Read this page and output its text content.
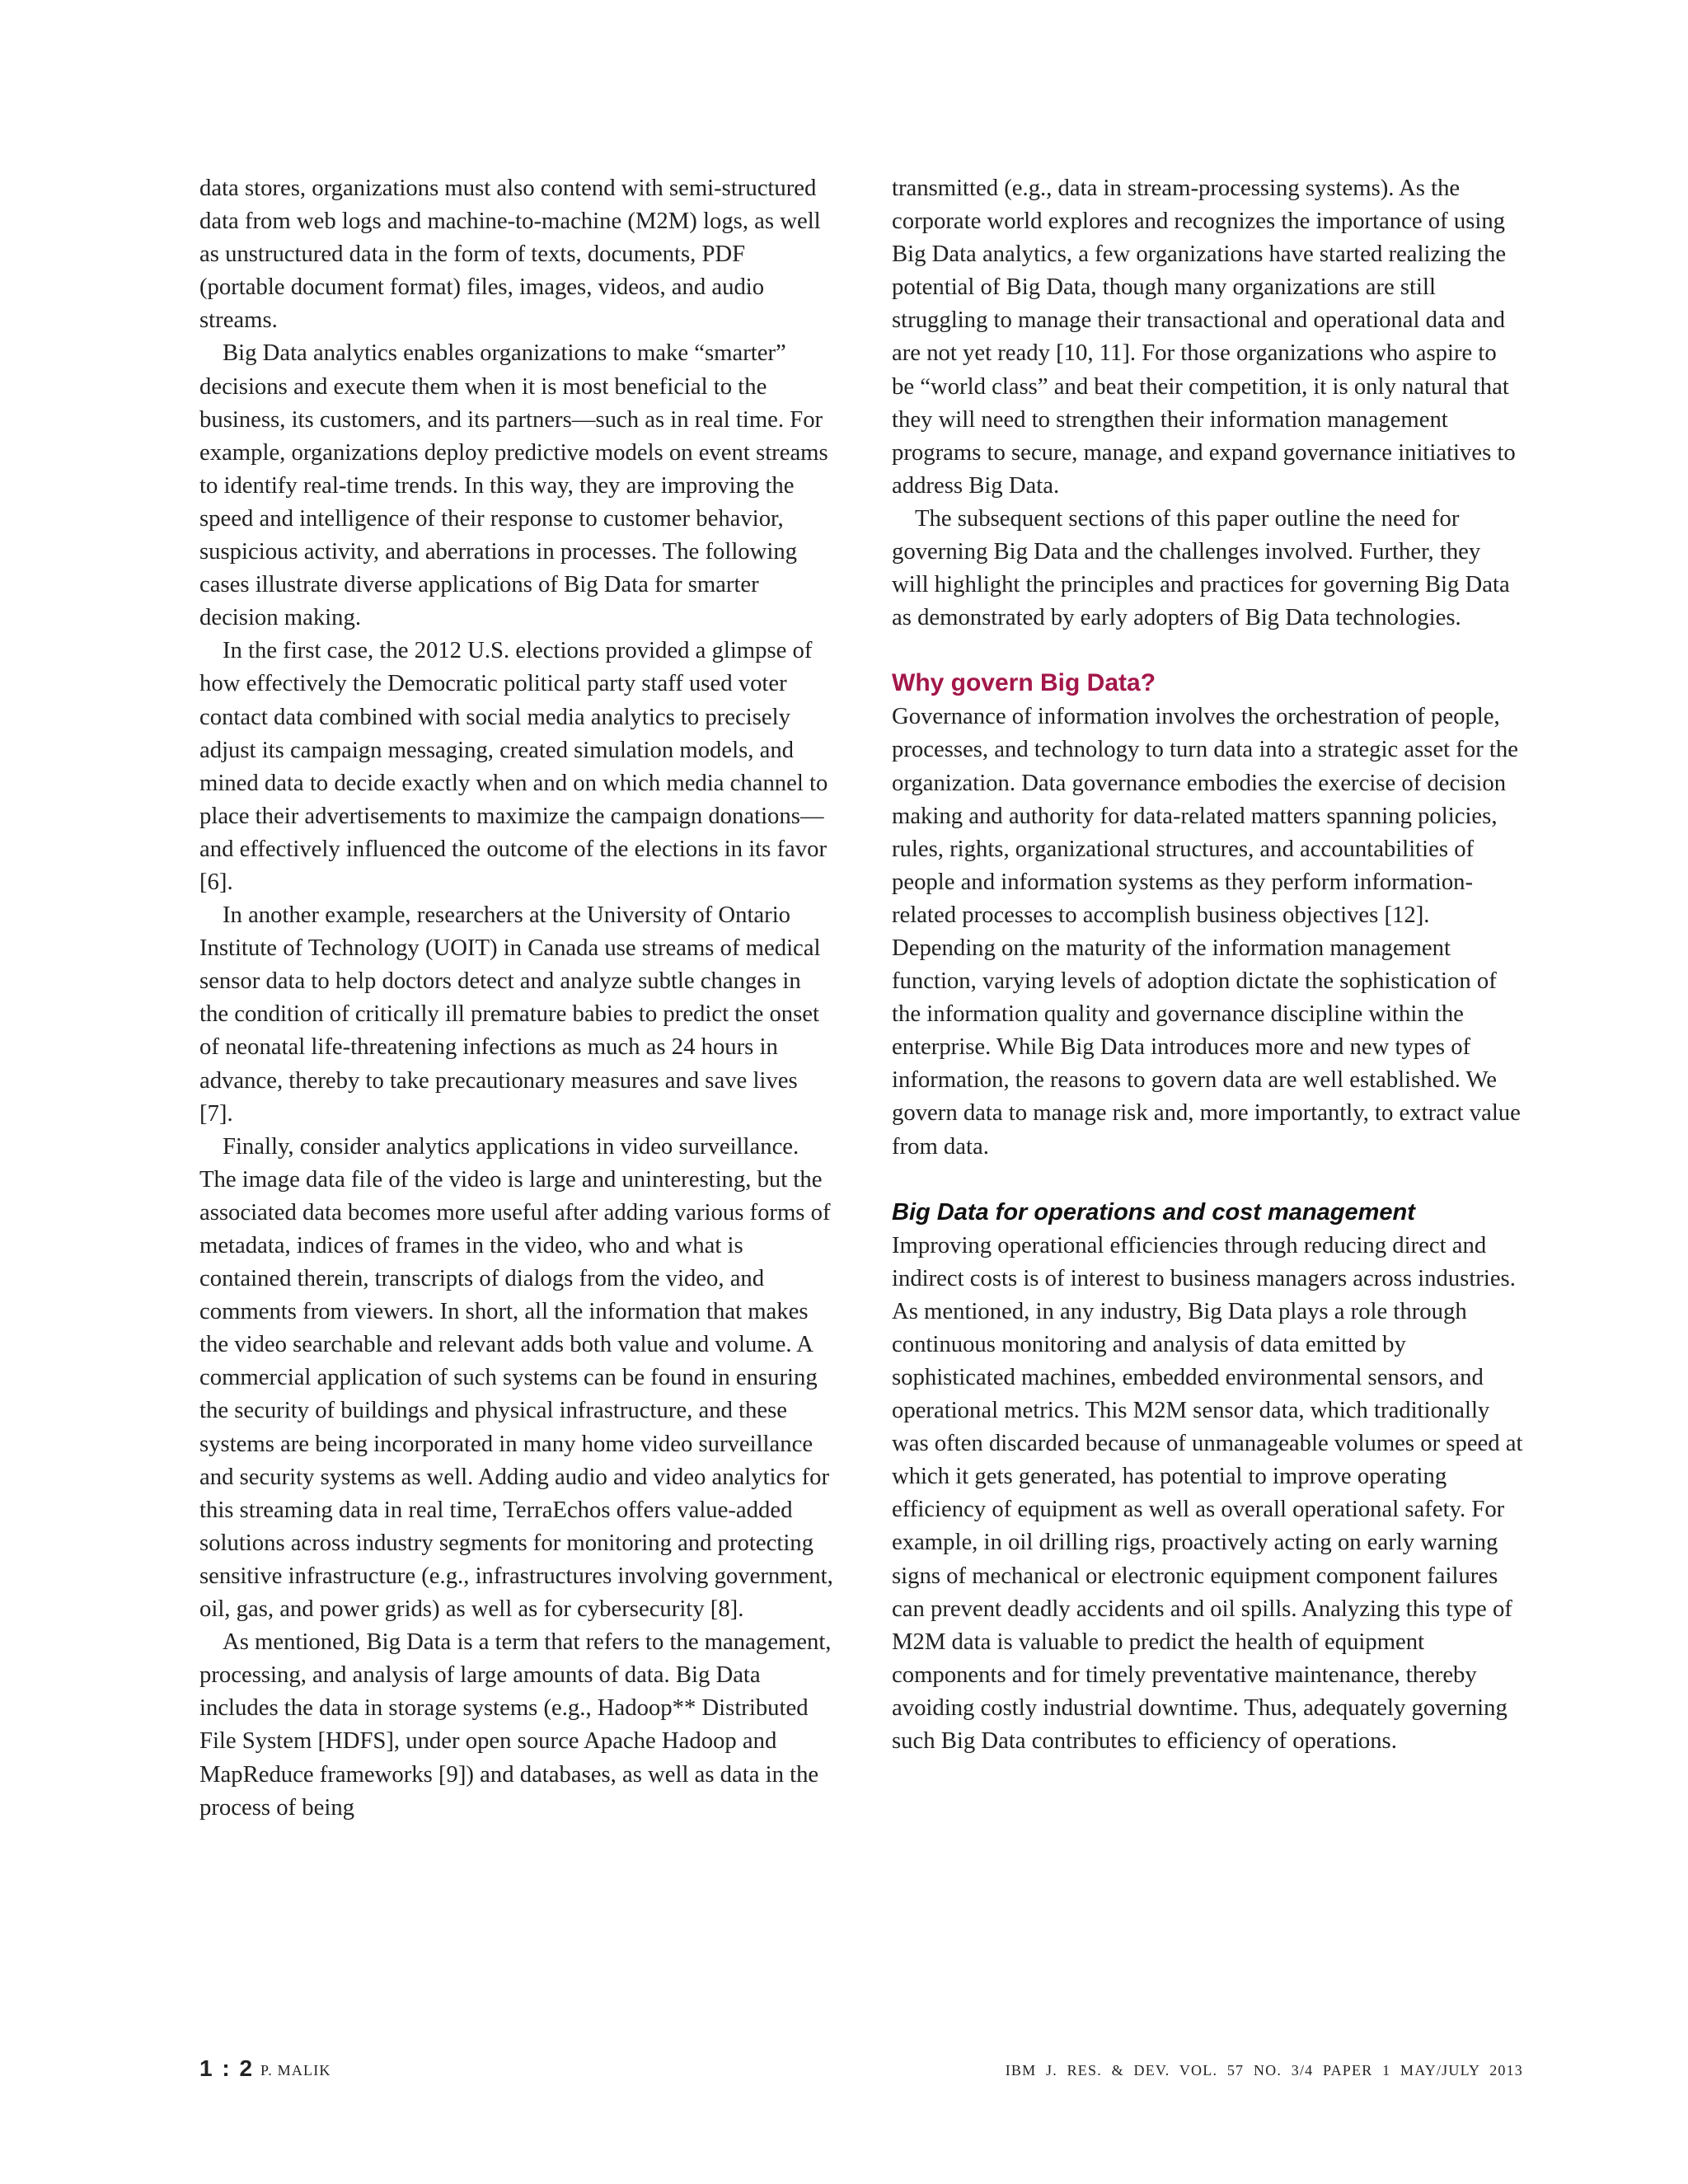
data stores, organizations must also contend with semi-structured data from web logs and machine-to-machine (M2M) logs, as well as unstructured data in the form of texts, documents, PDF (portable document format) files, images, videos, and audio streams.

Big Data analytics enables organizations to make “smarter” decisions and execute them when it is most beneficial to the business, its customers, and its partners—such as in real time. For example, organizations deploy predictive models on event streams to identify real-time trends. In this way, they are improving the speed and intelligence of their response to customer behavior, suspicious activity, and aberrations in processes. The following cases illustrate diverse applications of Big Data for smarter decision making.

In the first case, the 2012 U.S. elections provided a glimpse of how effectively the Democratic political party staff used voter contact data combined with social media analytics to precisely adjust its campaign messaging, created simulation models, and mined data to decide exactly when and on which media channel to place their advertisements to maximize the campaign donations—and effectively influenced the outcome of the elections in its favor [6].

In another example, researchers at the University of Ontario Institute of Technology (UOIT) in Canada use streams of medical sensor data to help doctors detect and analyze subtle changes in the condition of critically ill premature babies to predict the onset of neonatal life-threatening infections as much as 24 hours in advance, thereby to take precautionary measures and save lives [7].

Finally, consider analytics applications in video surveillance. The image data file of the video is large and uninteresting, but the associated data becomes more useful after adding various forms of metadata, indices of frames in the video, who and what is contained therein, transcripts of dialogs from the video, and comments from viewers. In short, all the information that makes the video searchable and relevant adds both value and volume. A commercial application of such systems can be found in ensuring the security of buildings and physical infrastructure, and these systems are being incorporated in many home video surveillance and security systems as well. Adding audio and video analytics for this streaming data in real time, TerraEchos offers value-added solutions across industry segments for monitoring and protecting sensitive infrastructure (e.g., infrastructures involving government, oil, gas, and power grids) as well as for cybersecurity [8].

As mentioned, Big Data is a term that refers to the management, processing, and analysis of large amounts of data. Big Data includes the data in storage systems (e.g., Hadoop** Distributed File System [HDFS], under open source Apache Hadoop and MapReduce frameworks [9]) and databases, as well as data in the process of being

transmitted (e.g., data in stream-processing systems). As the corporate world explores and recognizes the importance of using Big Data analytics, a few organizations have started realizing the potential of Big Data, though many organizations are still struggling to manage their transactional and operational data and are not yet ready [10, 11]. For those organizations who aspire to be “world class” and beat their competition, it is only natural that they will need to strengthen their information management programs to secure, manage, and expand governance initiatives to address Big Data.

The subsequent sections of this paper outline the need for governing Big Data and the challenges involved. Further, they will highlight the principles and practices for governing Big Data as demonstrated by early adopters of Big Data technologies.

Why govern Big Data?

Governance of information involves the orchestration of people, processes, and technology to turn data into a strategic asset for the organization. Data governance embodies the exercise of decision making and authority for data-related matters spanning policies, rules, rights, organizational structures, and accountabilities of people and information systems as they perform information-related processes to accomplish business objectives [12]. Depending on the maturity of the information management function, varying levels of adoption dictate the sophistication of the information quality and governance discipline within the enterprise. While Big Data introduces more and new types of information, the reasons to govern data are well established. We govern data to manage risk and, more importantly, to extract value from data.

Big Data for operations and cost management

Improving operational efficiencies through reducing direct and indirect costs is of interest to business managers across industries. As mentioned, in any industry, Big Data plays a role through continuous monitoring and analysis of data emitted by sophisticated machines, embedded environmental sensors, and operational metrics. This M2M sensor data, which traditionally was often discarded because of unmanageable volumes or speed at which it gets generated, has potential to improve operating efficiency of equipment as well as overall operational safety. For example, in oil drilling rigs, proactively acting on early warning signs of mechanical or electronic equipment component failures can prevent deadly accidents and oil spills. Analyzing this type of M2M data is valuable to predict the health of equipment components and for timely preventative maintenance, thereby avoiding costly industrial downtime. Thus, adequately governing such Big Data contributes to efficiency of operations.

1 : 2 P. MALIK	IBM J. RES. & DEV. VOL. 57 NO. 3/4 PAPER 1 MAY/JULY 2013
